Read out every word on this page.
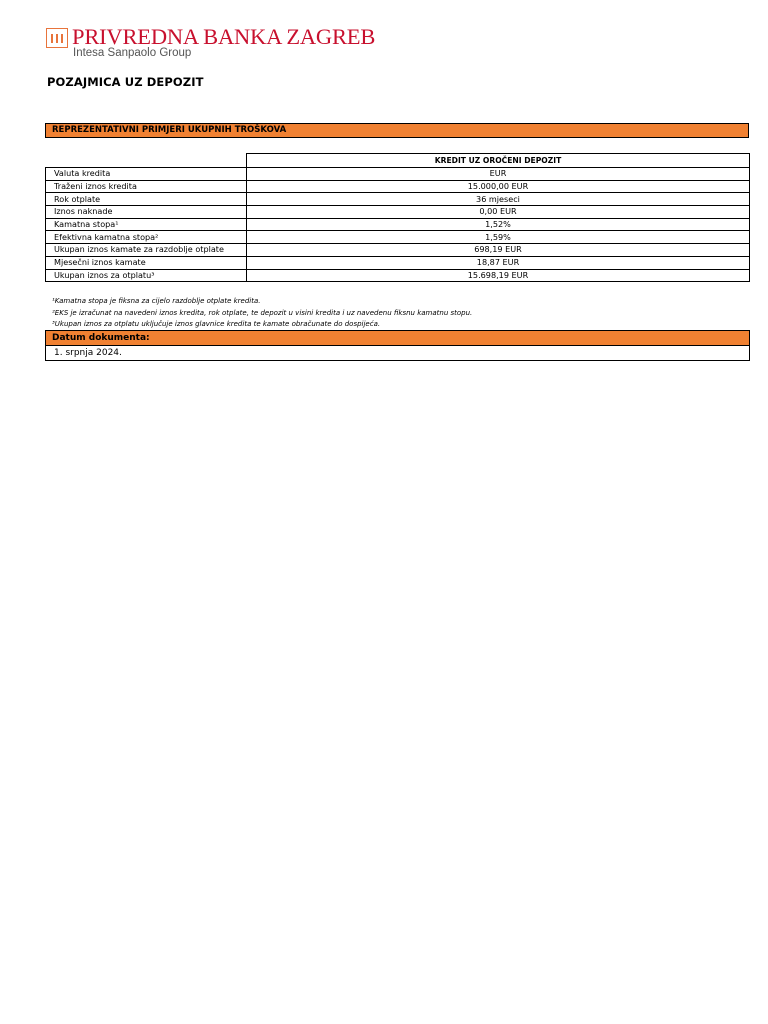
PRIVREDNA BANKA ZAGREB
Intesa Sanpaolo Group
POZAJMICA UZ DEPOZIT
REPREZENTATIVNI PRIMJERI UKUPNIH TROŠKOVA
	KREDIT UZ OROČENI DEPOZIT
Valuta kredita	EUR
Traženi iznos kredita	15.000,00 EUR
Rok otplate	36 mjeseci
Iznos naknade	0,00 EUR
Kamatna stopa¹	1,52%
Efektivna kamatna stopa²	1,59%
Ukupan iznos kamate za razdoblje otplate	698,19 EUR
Mjesečni iznos kamate	18,87 EUR
Ukupan iznos za otplatu³	15.698,19 EUR
¹Kamatna stopa je fiksna za cijelo razdoblje otplate kredita.
²EKS je izračunat na navedeni iznos kredita, rok otplate, te depozit u visini kredita i uz navedenu fiksnu kamatnu stopu.
³Ukupan iznos za otplatu uključuje iznos glavnice kredita te kamate obračunate do dospijeća.
Datum dokumenta:
1. srpnja 2024.
